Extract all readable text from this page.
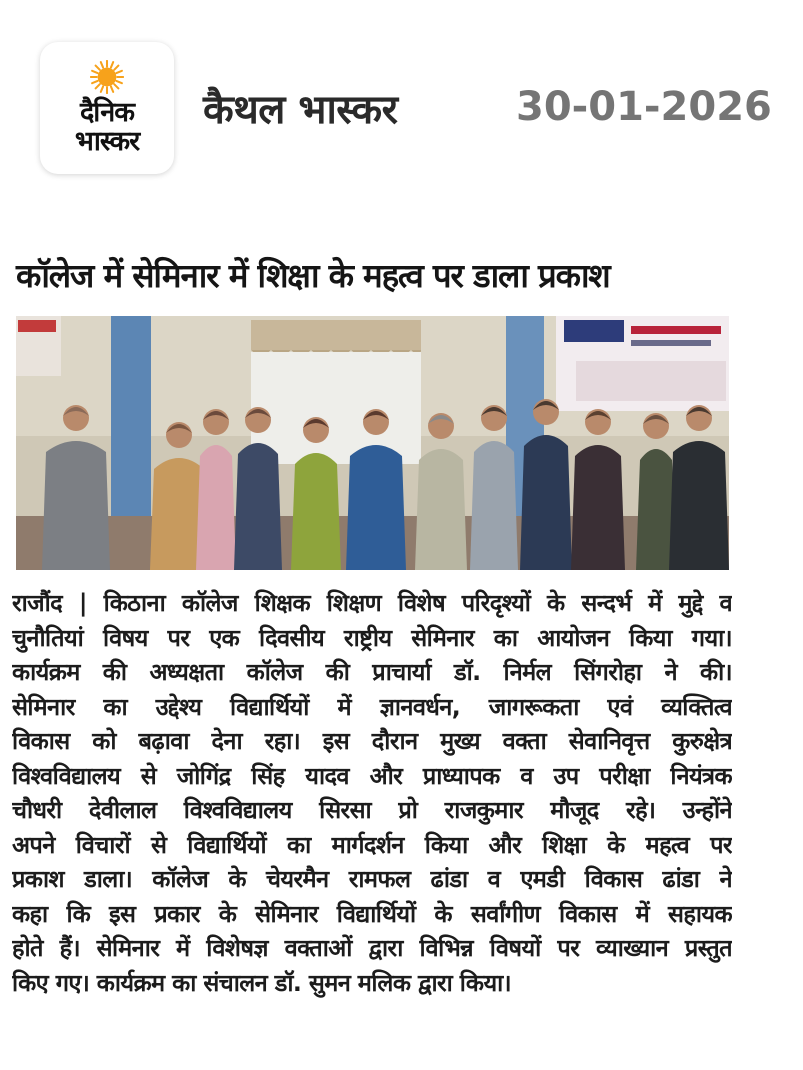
दैनिक
भास्कर
कैथल भास्कर	30-01-2026
कॉलेज में सेमिनार में शिक्षा के महत्व पर डाला प्रकाश
राजौंद | किठाना कॉलेज शिक्षक शिक्षण विशेष परिदृश्यों के सन्दर्भ में मुद्दे व
चुनौतियां विषय पर एक दिवसीय राष्ट्रीय सेमिनार का आयोजन किया गया।
कार्यक्रम की अध्यक्षता कॉलेज की प्राचार्या डॉ. निर्मल सिंगरोहा ने की।
सेमिनार का उद्देश्य विद्यार्थियों में ज्ञानवर्धन, जागरूकता एवं व्यक्तित्व
विकास को बढ़ावा देना रहा। इस दौरान मुख्य वक्ता सेवानिवृत्त कुरुक्षेत्र
विश्वविद्यालय से जोगिंद्र सिंह यादव और प्राध्यापक व उप परीक्षा नियंत्रक
चौधरी देवीलाल विश्वविद्यालय सिरसा प्रो राजकुमार मौजूद रहे। उन्होंने
अपने विचारों से विद्यार्थियों का मार्गदर्शन किया और शिक्षा के महत्व पर
प्रकाश डाला। कॉलेज के चेयरमैन रामफल ढांडा व एमडी विकास ढांडा ने
कहा कि इस प्रकार के सेमिनार विद्यार्थियों के सर्वांगीण विकास में सहायक
होते हैं। सेमिनार में विशेषज्ञ वक्ताओं द्वारा विभिन्न विषयों पर व्याख्यान प्रस्तुत
किए गए। कार्यक्रम का संचालन डॉ. सुमन मलिक द्वारा किया।
